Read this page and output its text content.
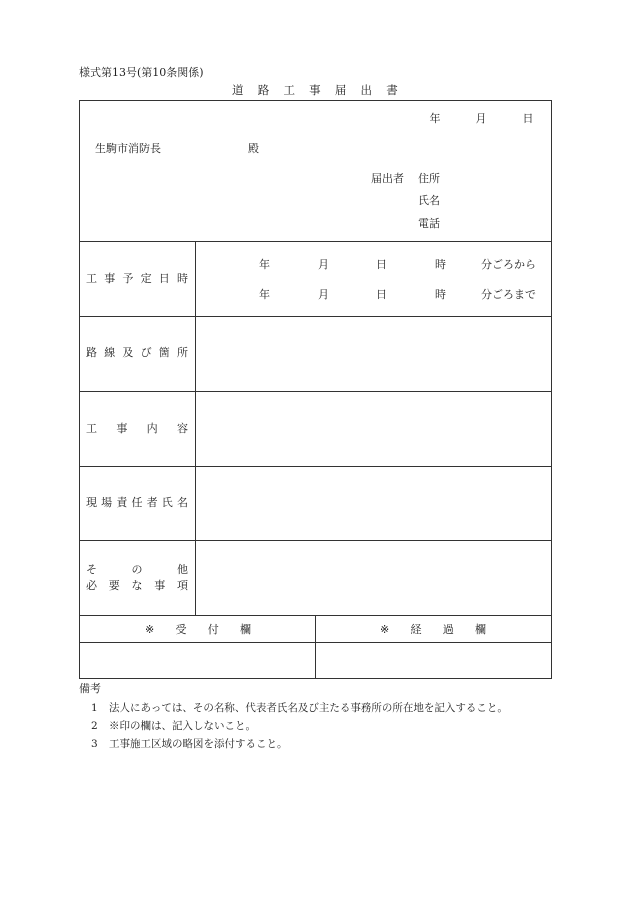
様式第13号(第10条関係)
道 路 工 事 届 出 書
年	月	日
生駒市消防長	殿
届出者 住所
氏名
電話
工 事 予 定 日 時
年	月	日	時	分ごろから
年	月	日	時	分ごろまで
路 線 及 び 箇 所
工 事 内 容
現 場 責 任 者 氏 名
そ	の	他
必 要 な 事 項
※ 受 付 欄	※ 経 過 欄
備考
1 法人にあっては、その名称、代表者氏名及び主たる事務所の所在地を記入すること。
2 ※印の欄は、記入しないこと。
3 工事施工区域の略図を添付すること。
